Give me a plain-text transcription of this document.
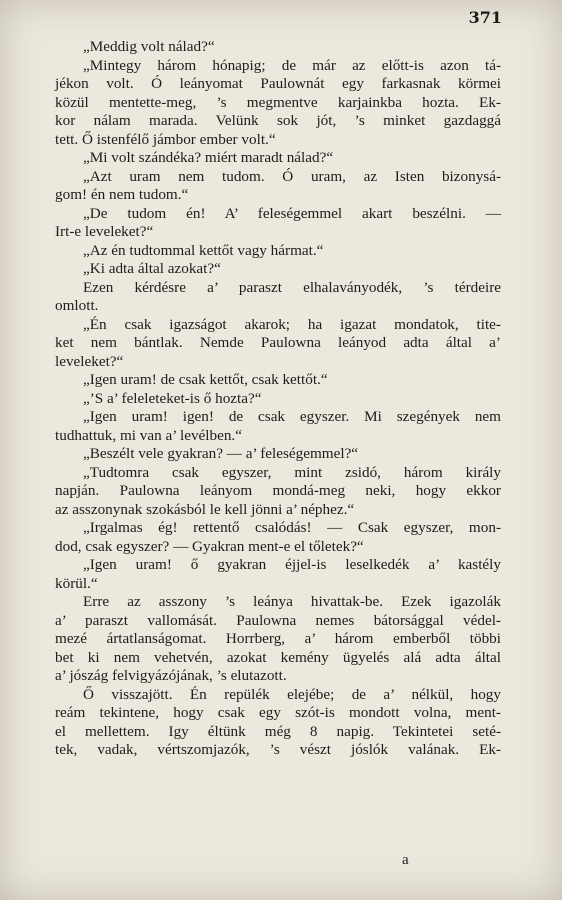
371
„Meddig volt nálad?“
„Mintegy három hónapig; de már az előtt-is azon tá-
jékon volt. Ó leányomat Paulownát egy farkasnak körmei
közül mentette-meg, ’s megmentve karjainkba hozta. Ek-
kor nálam marada. Velünk sok jót, ’s minket gazdaggá
tett. Ő istenfélő jámbor ember volt.“
„Mi volt szándéka? miért maradt nálad?“
„Azt uram nem tudom. Ó uram, az Isten bizonysá-
gom! én nem tudom.“
„De tudom én! A’ feleségemmel akart beszélni. —
Irt-e leveleket?“
„Az én tudtommal kettőt vagy hármat.“
„Ki adta által azokat?“
Ezen kérdésre a’ paraszt elhalaványodék, ’s térdeire
omlott.
„Én csak igazságot akarok; ha igazat mondatok, tite-
ket nem bántlak. Nemde Paulowna leányod adta által a’
leveleket?“
„Igen uram! de csak kettőt, csak kettőt.“
„’S a’ feleleteket-is ő hozta?“
„Igen uram! igen! de csak egyszer. Mi szegények nem
tudhattuk, mi van a’ levélben.“
„Beszélt vele gyakran? — a’ feleségemmel?“
„Tudtomra csak egyszer, mint zsidó, három király
napján. Paulowna leányom mondá-meg neki, hogy ekkor
az asszonynak szokásból le kell jönni a’ néphez.“
„Irgalmas ég! rettentő csalódás! — Csak egyszer, mon-
dod, csak egyszer? — Gyakran ment-e el tőletek?“
„Igen uram! ő gyakran éjjel-is leselkedék a’ kastély
körül.“
Erre az asszony ’s leánya hivattak-be. Ezek igazolák
a’ paraszt vallomását. Paulowna nemes bátorsággal védel-
mezé ártatlanságomat. Horrberg, a’ három emberből többi
bet ki nem vehetvén, azokat kemény ügyelés alá adta által
a’ jószág felvigyázójának, ’s elutazott.
Ő visszajött. Én repülék elejébe; de a’ nélkül, hogy
reám tekintene, hogy csak egy szót-is mondott volna, ment-
el mellettem. Igy éltünk még 8 napig. Tekintetei seté-
tek, vadak, vértszomjazók, ’s vészt jóslók valának. Ek-
a
